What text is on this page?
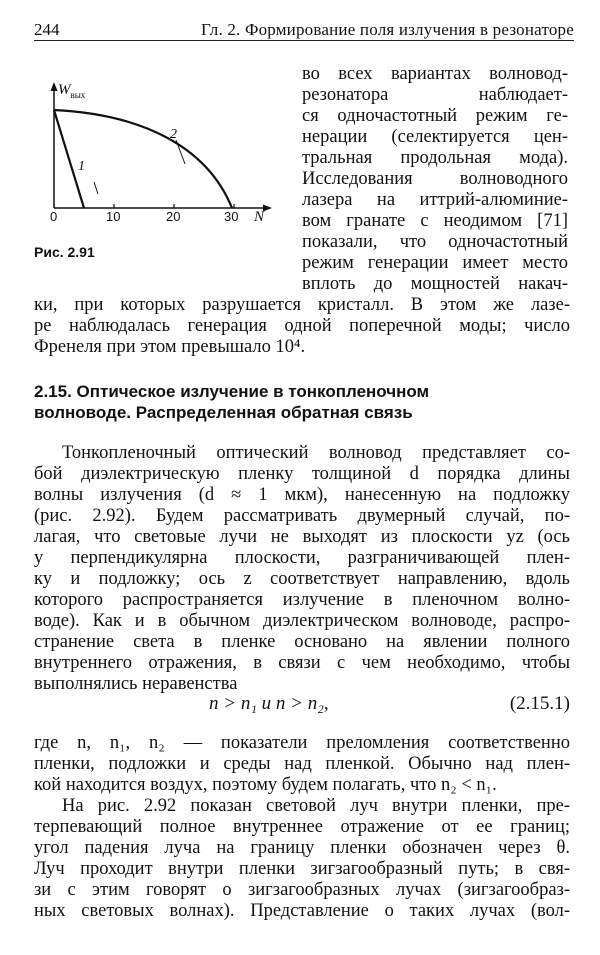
244	Гл. 2. Формирование поля излучения в резонаторе
$W_{вых}$
N
0	10	20	30
1
2
Рис. 2.91
во всех вариантах волновод-
резонатора наблюдает-
ся одночастотный режим ге-
нерации (селектируется цен-
тральная продольная мода).
Исследования волноводного
лазера на иттрий-алюминие-
вом гранате с неодимом [71]
показали, что одночастотный
режим генерации имеет место
вплоть до мощностей накач-
ки, при которых разрушается кристалл. В этом же лазе-
ре наблюдалась генерация одной поперечной моды; число
Френеля при этом превышало 10⁴.
2.15. Оптическое излучение в тонкопленочном
волноводе. Распределенная обратная связь
Тонкопленочный оптический волновод представляет со-
бой диэлектрическую пленку толщиной d порядка длины
волны излучения (d ≈ 1 мкм), нанесенную на подложку
(рис. 2.92). Будем рассматривать двумерный случай, по-
лагая, что световые лучи не выходят из плоскости yz (ось
y перпендикулярна плоскости, разграничивающей плен-
ку и подложку; ось z соответствует направлению, вдоль
которого распространяется излучение в пленочном волно-
воде). Как и в обычном диэлектрическом волноводе, распро-
странение света в пленке основано на явлении полного
внутреннего отражения, в связи с чем необходимо, чтобы
выполнялись неравенства
n > n₁ и n > n₂,	(2.15.1)
где n, n₁, n₂ — показатели преломления соответственно
пленки, подложки и среды над пленкой. Обычно над плен-
кой находится воздух, поэтому будем полагать, что n₂ < n₁.
На рис. 2.92 показан световой луч внутри пленки, пре-
терпевающий полное внутреннее отражение от ее границ;
угол падения луча на границу пленки обозначен через θ.
Луч проходит внутри пленки зигзагообразный путь; в свя-
зи с этим говорят о зигзагообразных лучах (зигзагообраз-
ных световых волнах). Представление о таких лучах (вол-
